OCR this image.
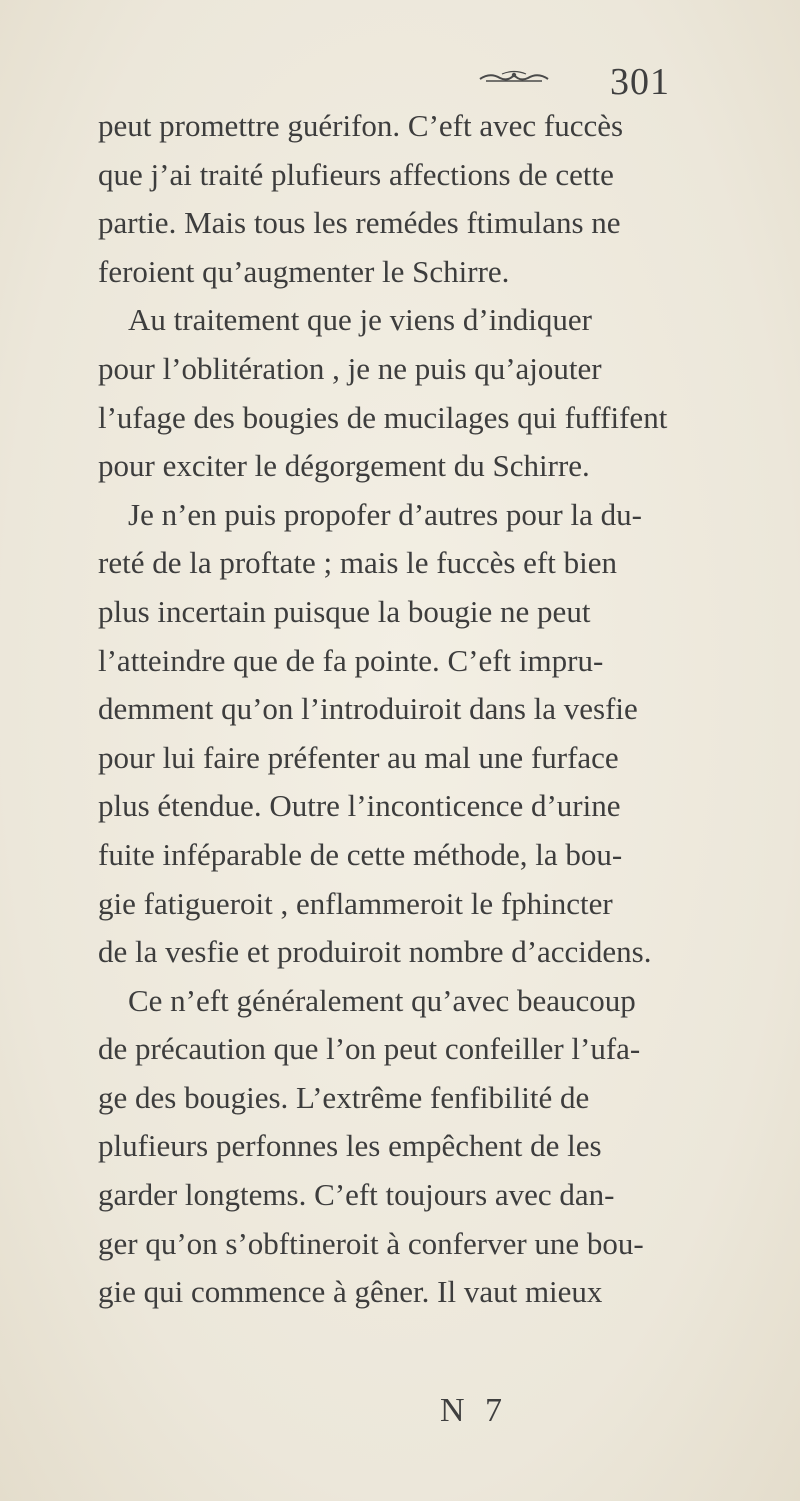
301
peut promettre guérifon. C’eft avec fuccès
que j’ai traité plufieurs affections de cette
partie. Mais tous les remédes ftimulans ne
feroient qu’augmenter le Schirre.
Au traitement que je viens d’indiquer
pour l’oblitération , je ne puis qu’ajouter
l’ufage des bougies de mucilages qui fuffifent
pour exciter le dégorgement du Schirre.
Je n’en puis propofer d’autres pour la du-
reté de la proftate ; mais le fuccès eft bien
plus incertain puisque la bougie ne peut
l’atteindre que de fa pointe. C’eft impru-
demment qu’on l’introduiroit dans la vesfie
pour lui faire préfenter au mal une furface
plus étendue. Outre l’inconticence d’urine
fuite inféparable de cette méthode, la bou-
gie fatigueroit , enflammeroit le fphincter
de la vesfie et produiroit nombre d’accidens.
Ce n’eft généralement qu’avec beaucoup
de précaution que l’on peut confeiller l’ufa-
ge des bougies. L’extrême fenfibilité de
plufieurs perfonnes les empêchent de les
garder longtems. C’eft toujours avec dan-
ger qu’on s’obftineroit à conferver une bou-
gie qui commence à gêner. Il vaut mieux
N 7
